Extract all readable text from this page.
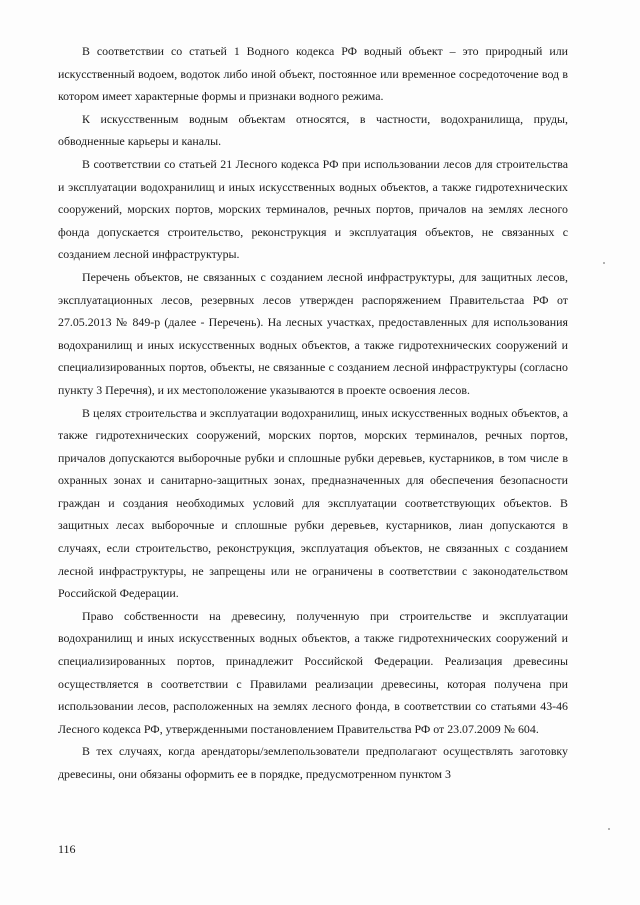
В соответствии со статьей 1 Водного кодекса РФ водный объект – это природный или искусственный водоем, водоток либо иной объект, постоянное или временное сосредоточение вод в котором имеет характерные формы и признаки водного режима.

К искусственным водным объектам относятся, в частности, водохранилища, пруды, обводненные карьеры и каналы.

В соответствии со статьей 21 Лесного кодекса РФ при использовании лесов для строительства и эксплуатации водохранилищ и иных искусственных водных объектов, а также гидротехнических сооружений, морских портов, морских терминалов, речных портов, причалов на землях лесного фонда допускается строительство, реконструкция и эксплуатация объектов, не связанных с созданием лесной инфраструктуры.

Перечень объектов, не связанных с созданием лесной инфраструктуры, для защитных лесов, эксплуатационных лесов, резервных лесов утвержден распоряжением Правительстаа РФ от 27.05.2013 № 849-р (далее - Перечень). На лесных участках, предоставленных для использования водохранилищ и иных искусственных водных объектов, а также гидротехнических сооружений и специализированных портов, объекты, не связанные с созданием лесной инфраструктуры (согласно пункту 3 Перечня), и их местоположение указываются в проекте освоения лесов.

В целях строительства и эксплуатации водохранилищ, иных искусственных водных объектов, а также гидротехнических сооружений, морских портов, морских терминалов, речных портов, причалов допускаются выборочные рубки и сплошные рубки деревьев, кустарников, в том числе в охранных зонах и санитарно-защитных зонах, предназначенных для обеспечения безопасности граждан и создания необходимых условий для эксплуатации соответствующих объектов. В защитных лесах выборочные и сплошные рубки деревьев, кустарников, лиан допускаются в случаях, если строительство, реконструкция, эксплуатация объектов, не связанных с созданием лесной инфраструктуры, не запрещены или не ограничены в соответствии с законодательством Российской Федерации.

Право собственности на древесину, полученную при строительстве и эксплуатации водохранилищ и иных искусственных водных объектов, а также гидротехнических сооружений и специализированных портов, принадлежит Российской Федерации. Реализация древесины осуществляется в соответствии с Правилами реализации древесины, которая получена при использовании лесов, расположенных на землях лесного фонда, в соответствии со статьями 43-46 Лесного кодекса РФ, утвержденными постановлением Правительства РФ от 23.07.2009 № 604.

В тех случаях, когда арендаторы/землепользователи предполагают осуществлять заготовку древесины, они обязаны оформить ее в порядке, предусмотренном пунктом 3

116
